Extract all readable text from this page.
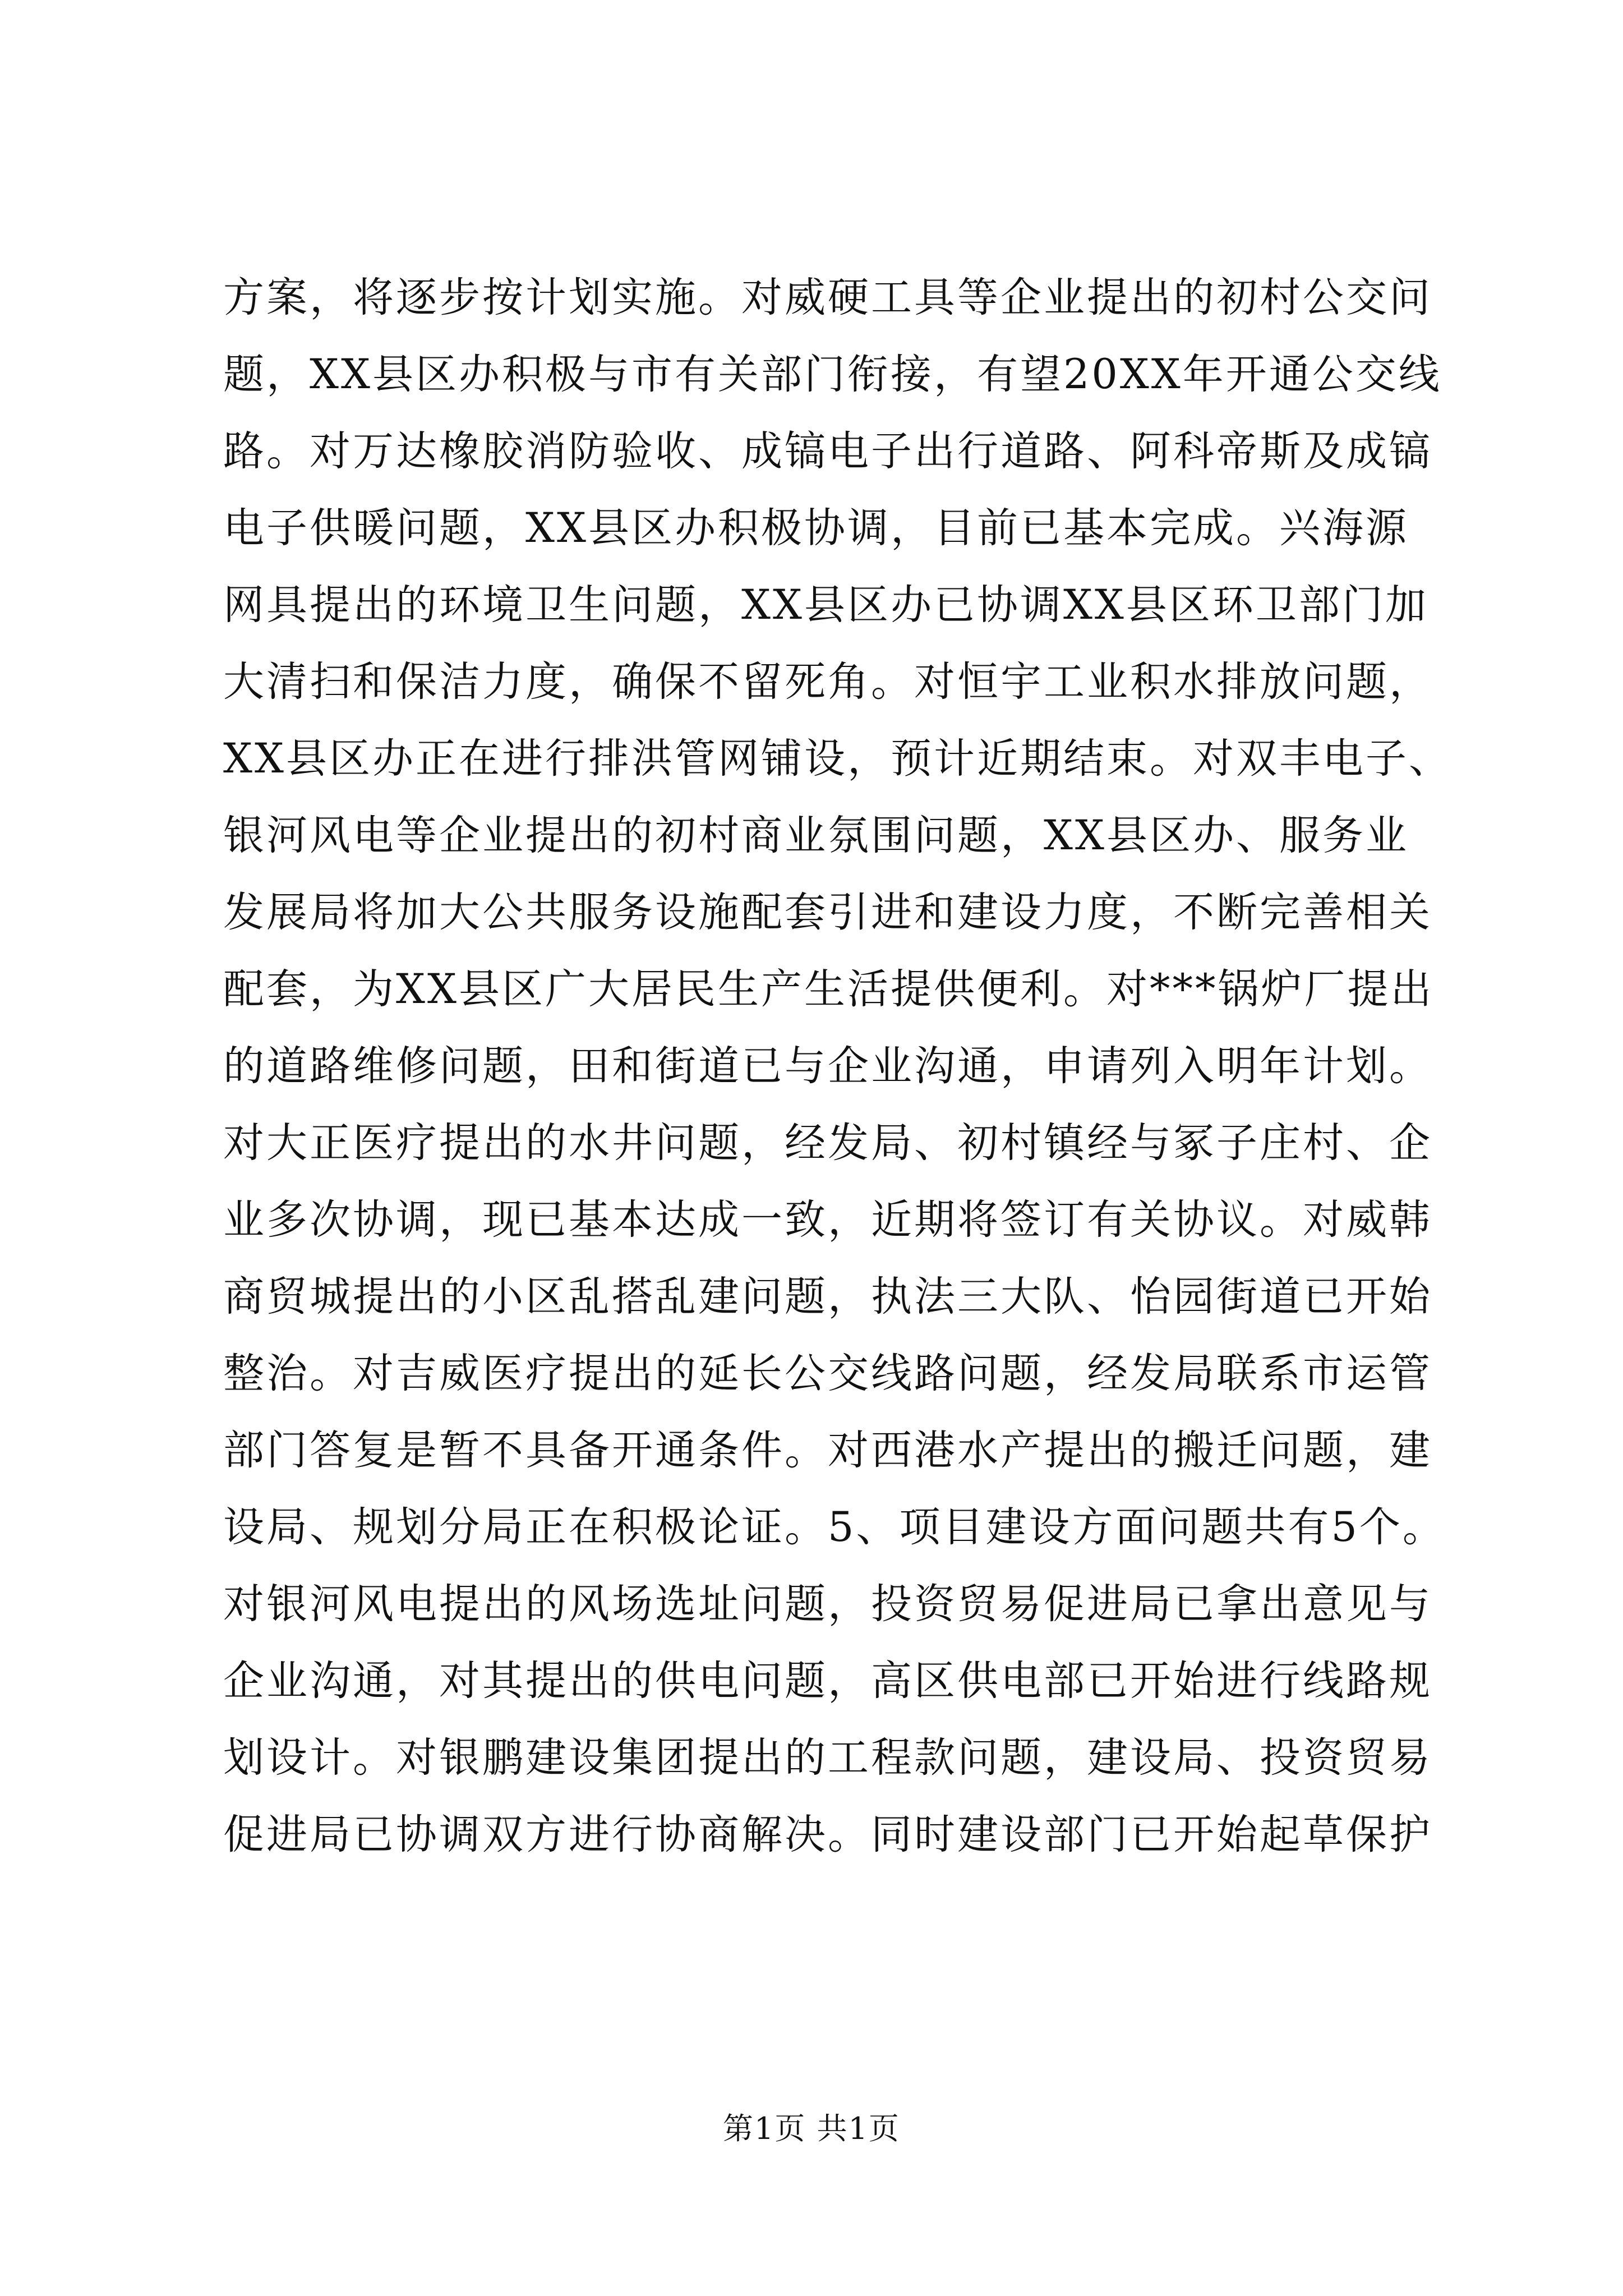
方案，将逐步按计划实施。对威硬工具等企业提出的初村公交问
题，XX县区办积极与市有关部门衔接，有望20XX年开通公交线
路。对万达橡胶消防验收、成镐电子出行道路、阿科帝斯及成镐
电子供暖问题，XX县区办积极协调，目前已基本完成。兴海源
网具提出的环境卫生问题，XX县区办已协调XX县区环卫部门加
大清扫和保洁力度，确保不留死角。对恒宇工业积水排放问题，
XX县区办正在进行排洪管网铺设，预计近期结束。对双丰电子、
银河风电等企业提出的初村商业氛围问题，XX县区办、服务业
发展局将加大公共服务设施配套引进和建设力度，不断完善相关
配套，为XX县区广大居民生产生活提供便利。对***锅炉厂提出
的道路维修问题，田和街道已与企业沟通，申请列入明年计划。
对大正医疗提出的水井问题，经发局、初村镇经与冢子庄村、企
业多次协调，现已基本达成一致，近期将签订有关协议。对威韩
商贸城提出的小区乱搭乱建问题，执法三大队、怡园街道已开始
整治。对吉威医疗提出的延长公交线路问题，经发局联系市运管
部门答复是暂不具备开通条件。对西港水产提出的搬迁问题，建
设局、规划分局正在积极论证。5、项目建设方面问题共有5个。
对银河风电提出的风场选址问题，投资贸易促进局已拿出意见与
企业沟通，对其提出的供电问题，高区供电部已开始进行线路规
划设计。对银鹏建设集团提出的工程款问题，建设局、投资贸易
促进局已协调双方进行协商解决。同时建设部门已开始起草保护
第1页 共1页
